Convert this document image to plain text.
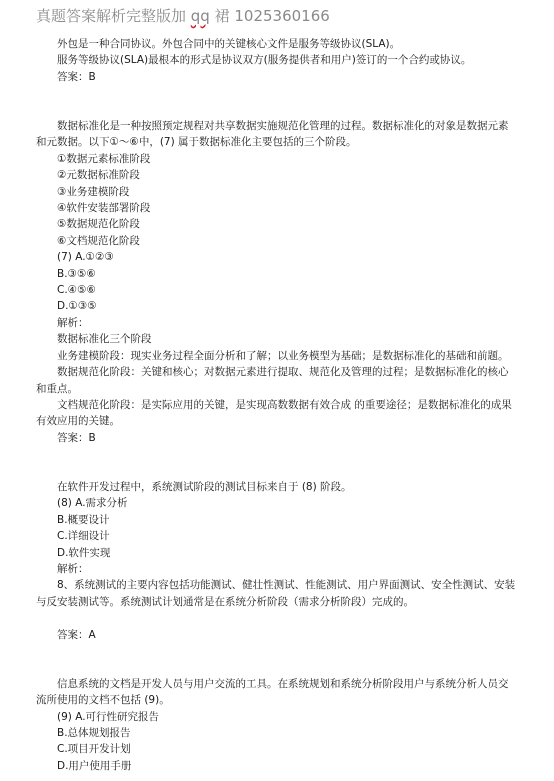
真题答案解析完整版加 qq 裙 1025360166

外包是一种合同协议。外包合同中的关键核心文件是服务等级协议(SLA)。

服务等级协议(SLA)最根本的形式是协议双方(服务提供者和用户)签订的一个合约或协议。

答案：B

数据标准化是一种按照预定规程对共享数据实施规范化管理的过程。数据标准化的对象是数据元素和元数据。以下①～⑥中，(7) 属于数据标准化主要包括的三个阶段。

①数据元素标准阶段

②元数据标准阶段

③业务建模阶段

④软件安装部署阶段

⑤数据规范化阶段

⑥文档规范化阶段

(7) A.①②③

B.③⑤⑥

C.④⑤⑥

D.①③⑤

解析：

数据标准化三个阶段

业务建模阶段：现实业务过程全面分析和了解；以业务模型为基础；是数据标准化的基础和前题。

数据规范化阶段：关键和核心；对数据元素进行提取、规范化及管理的过程；是数据标准化的核心和重点。

文档规范化阶段：是实际应用的关键，是实现高数数据有效合成 的重要途径；是数据标准化的成果有效应用的关键。

答案：B

在软件开发过程中，系统测试阶段的测试目标来自于 (8) 阶段。

(8) A.需求分析

B.概要设计

C.详细设计

D.软件实现

解析：

8、系统测试的主要内容包括功能测试、健壮性测试、性能测试、用户界面测试、安全性测试、安装与反安装测试等。系统测试计划通常是在系统分析阶段（需求分析阶段）完成的。

答案：A

信息系统的文档是开发人员与用户交流的工具。在系统规划和系统分析阶段用户与系统分析人员交流所使用的文档不包括 (9)。

(9) A.可行性研究报告

B.总体规划报告

C.项目开发计划

D.用户使用手册
